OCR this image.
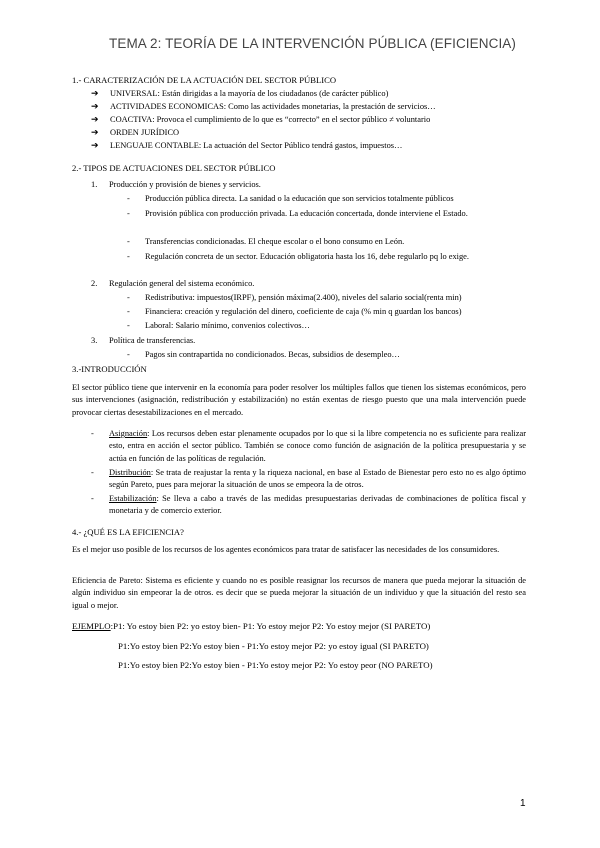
TEMA 2: TEORÍA DE LA INTERVENCIÓN PÚBLICA (EFICIENCIA)
1.- CARACTERIZACIÓN DE LA ACTUACIÓN DEL SECTOR PÚBLICO
➔ UNIVERSAL: Están dirigidas a la mayoría de los ciudadanos (de carácter público)
➔ ACTIVIDADES ECONOMICAS: Como las actividades monetarias, la prestación de servicios…
➔ COACTIVA: Provoca el cumplimiento de lo que es “correcto” en el sector público ≠ voluntario
➔ ORDEN JURÍDICO
➔ LENGUAJE CONTABLE: La actuación del Sector Público tendrá gastos, impuestos…
2.- TIPOS DE ACTUACIONES DEL SECTOR PÚBLICO
1. Producción y provisión de bienes y servicios.
- Producción pública directa. La sanidad o la educación que son servicios totalmente públicos
- Provisión pública con producción privada. La educación concertada, donde interviene el Estado.
- Transferencias condicionadas. El cheque escolar o el bono consumo en León.
- Regulación concreta de un sector. Educación obligatoria hasta los 16, debe regularlo pq lo exige.
2. Regulación general del sistema económico.
- Redistributiva: impuestos(IRPF), pensión máxima(2.400), niveles del salario social(renta min)
- Financiera: creación y regulación del dinero, coeficiente de caja (% min q guardan los bancos)
- Laboral: Salario mínimo, convenios colectivos…
3. Política de transferencias.
- Pagos sin contrapartida no condicionados. Becas, subsidios de desempleo…
3.-INTRODUCCIÓN
El sector público tiene que intervenir en la economía para poder resolver los múltiples fallos que tienen los sistemas económicos, pero sus intervenciones (asignación, redistribución y estabilización) no están exentas de riesgo puesto que una mala intervención puede provocar ciertas desestabilizaciones en el mercado.
- Asignación: Los recursos deben estar plenamente ocupados por lo que si la libre competencia no es suficiente para realizar esto, entra en acción el sector público. También se conoce como función de asignación de la política presupuestaria y se actúa en función de las políticas de regulación.
- Distribución: Se trata de reajustar la renta y la riqueza nacional, en base al Estado de Bienestar pero esto no es algo óptimo según Pareto, pues para mejorar la situación de unos se empeora la de otros.
- Estabilización: Se lleva a cabo a través de las medidas presupuestarias derivadas de combinaciones de política fiscal y monetaria y de comercio exterior.
4.- ¿QUÉ ES LA EFICIENCIA?
Es el mejor uso posible de los recursos de los agentes económicos para tratar de satisfacer las necesidades de los consumidores.
Eficiencia de Pareto: Sistema es eficiente y cuando no es posible reasignar los recursos de manera que pueda mejorar la situación de algún individuo sin empeorar la de otros. es decir que se pueda mejorar la situación de un individuo y que la situación del resto sea igual o mejor.
EJEMPLO:P1: Yo estoy bien P2: yo estoy bien- P1: Yo estoy mejor P2: Yo estoy mejor (SI PARETO)
P1:Yo estoy bien P2:Yo estoy bien - P1:Yo estoy mejor P2: yo estoy igual (SI PARETO)
P1:Yo estoy bien P2:Yo estoy bien - P1:Yo estoy mejor P2: Yo estoy peor (NO PARETO)
1
